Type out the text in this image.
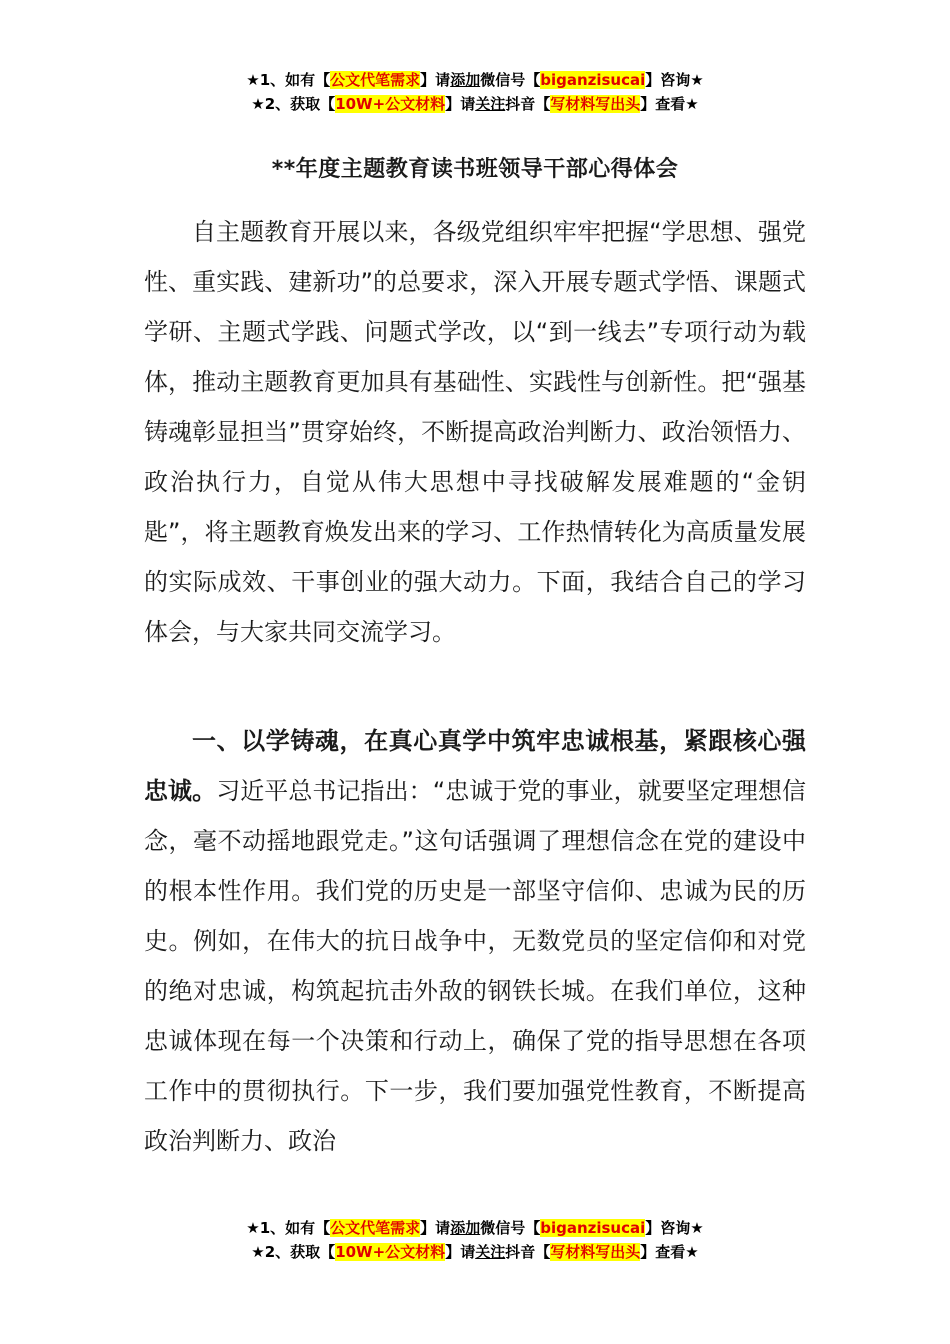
★1、如有【公文代笔需求】请添加微信号【biganzisucai】咨询★
★2、获取【10W+公文材料】请关注抖音【写材料写出头】查看★
**年度主题教育读书班领导干部心得体会

自主题教育开展以来，各级党组织牢牢把握“学思想、强党性、重实践、建新功”的总要求，深入开展专题式学悟、课题式学研、主题式学践、问题式学改，以“到一线去”专项行动为载体，推动主题教育更加具有基础性、实践性与创新性。把“强基铸魂彰显担当”贯穿始终，不断提高政治判断力、政治领悟力、政治执行力，自觉从伟大思想中寻找破解发展难题的“金钥匙”，将主题教育焕发出来的学习、工作热情转化为高质量发展的实际成效、干事创业的强大动力。下面，我结合自己的学习体会，与大家共同交流学习。

一、以学铸魂，在真心真学中筑牢忠诚根基，紧跟核心强忠诚。习近平总书记指出：“忠诚于党的事业，就要坚定理想信念，毫不动摇地跟党走。”这句话强调了理想信念在党的建设中的根本性作用。我们党的历史是一部坚守信仰、忠诚为民的历史。例如，在伟大的抗日战争中，无数党员的坚定信仰和对党的绝对忠诚，构筑起抗击外敌的钢铁长城。在我们单位，这种忠诚体现在每一个决策和行动上，确保了党的指导思想在各项工作中的贯彻执行。下一步，我们要加强党性教育，不断提高政治判断力、政治

★1、如有【公文代笔需求】请添加微信号【biganzisucai】咨询★
★2、获取【10W+公文材料】请关注抖音【写材料写出头】查看★
